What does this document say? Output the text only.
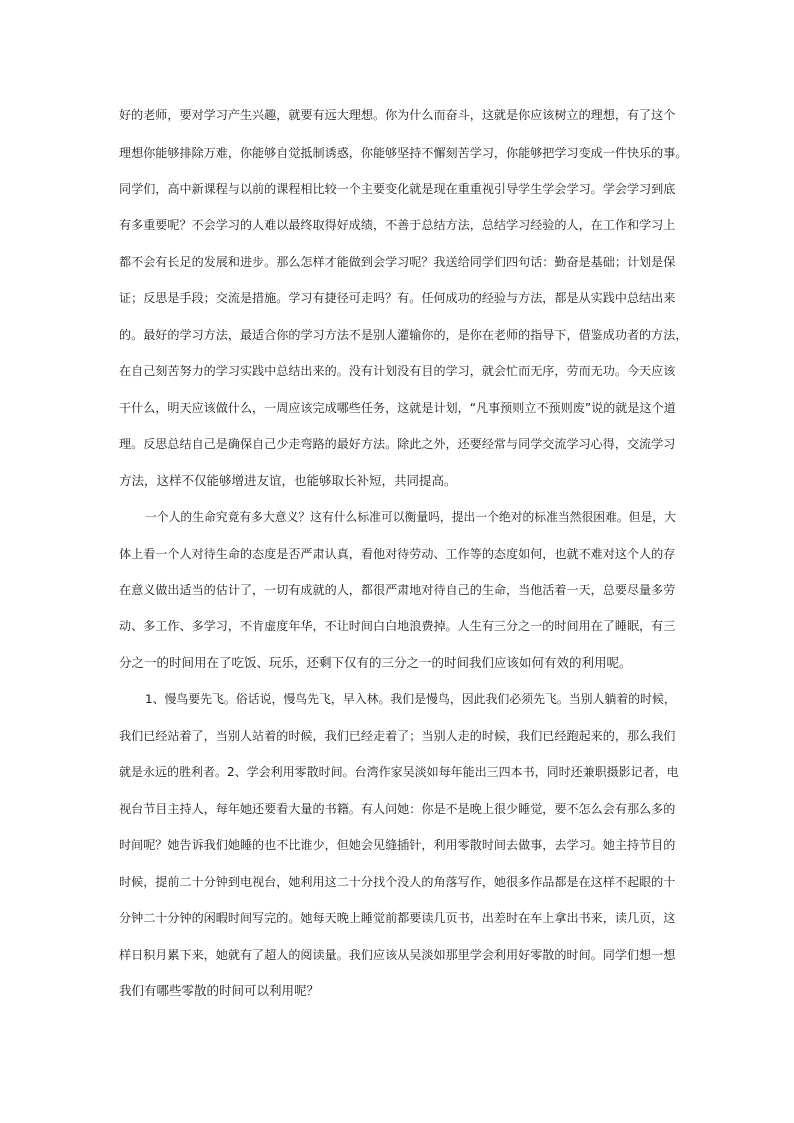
好的老师，要对学习产生兴趣，就要有远大理想。你为什么而奋斗，这就是你应该树立的理想，有了这个
理想你能够排除万难，你能够自觉抵制诱惑，你能够坚持不懈刻苦学习，你能够把学习变成一件快乐的事。
同学们，高中新课程与以前的课程相比较一个主要变化就是现在重重视引导学生学会学习。学会学习到底
有多重要呢？不会学习的人难以最终取得好成绩，不善于总结方法，总结学习经验的人，在工作和学习上
都不会有长足的发展和进步。那么怎样才能做到会学习呢？我送给同学们四句话：勤奋是基础；计划是保
证；反思是手段；交流是措施。学习有捷径可走吗？有。任何成功的经验与方法，都是从实践中总结出来
的。最好的学习方法，最适合你的学习方法不是别人灌输你的，是你在老师的指导下，借鉴成功者的方法，
在自己刻苦努力的学习实践中总结出来的。没有计划没有目的学习，就会忙而无序，劳而无功。今天应该
干什么，明天应该做什么，一周应该完成哪些任务，这就是计划，“凡事预则立不预则废”说的就是这个道
理。反思总结自己是确保自己少走弯路的最好方法。除此之外，还要经常与同学交流学习心得，交流学习
方法，这样不仅能够增进友谊，也能够取长补短，共同提高。
一个人的生命究竟有多大意义？这有什么标准可以衡量吗，提出一个绝对的标准当然很困难。但是，大
体上看一个人对待生命的态度是否严肃认真，看他对待劳动、工作等的态度如何，也就不难对这个人的存
在意义做出适当的估计了，一切有成就的人，都很严肃地对待自己的生命，当他活着一天，总要尽量多劳
动、多工作、多学习，不肯虚度年华，不让时间白白地浪费掉。人生有三分之一的时间用在了睡眠，有三
分之一的时间用在了吃饭、玩乐，还剩下仅有的三分之一的时间我们应该如何有效的利用呢。
1、慢鸟要先飞。俗话说，慢鸟先飞，早入林。我们是慢鸟，因此我们必须先飞。当别人躺着的时候，
我们已经站着了，当别人站着的时候，我们已经走着了；当别人走的时候，我们已经跑起来的，那么我们
就是永远的胜利者。2、学会利用零散时间。台湾作家吴淡如每年能出三四本书，同时还兼职摄影记者，电
视台节目主持人，每年她还要看大量的书籍。有人问她：你是不是晚上很少睡觉，要不怎么会有那么多的
时间呢？她告诉我们她睡的也不比谁少，但她会见缝插针，利用零散时间去做事，去学习。她主持节目的
时候，提前二十分钟到电视台，她利用这二十分找个没人的角落写作，她很多作品都是在这样不起眼的十
分钟二十分钟的闲暇时间写完的。她每天晚上睡觉前都要读几页书，出差时在车上拿出书来，读几页，这
样日积月累下来，她就有了超人的阅读量。我们应该从吴淡如那里学会利用好零散的时间。同学们想一想
我们有哪些零散的时间可以利用呢？
